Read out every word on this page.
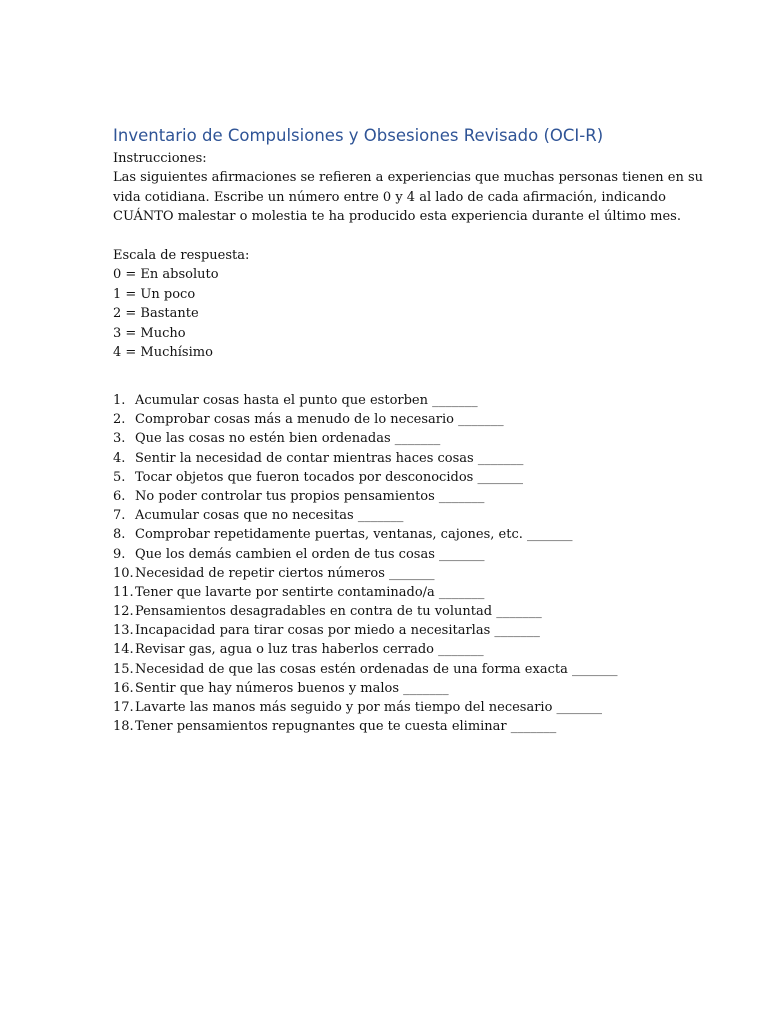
Inventario de Compulsiones y Obsesiones Revisado (OCI-R)
Instrucciones:
Las siguientes afirmaciones se refieren a experiencias que muchas personas tienen en su
vida cotidiana. Escribe un número entre 0 y 4 al lado de cada afirmación, indicando
CUÁNTO malestar o molestia te ha producido esta experiencia durante el último mes.
Escala de respuesta:
0 = En absoluto
1 = Un poco
2 = Bastante
3 = Mucho
4 = Muchísimo
1. Acumular cosas hasta el punto que estorben _______
2. Comprobar cosas más a menudo de lo necesario _______
3. Que las cosas no estén bien ordenadas _______
4. Sentir la necesidad de contar mientras haces cosas _______
5. Tocar objetos que fueron tocados por desconocidos _______
6. No poder controlar tus propios pensamientos _______
7. Acumular cosas que no necesitas _______
8. Comprobar repetidamente puertas, ventanas, cajones, etc. _______
9. Que los demás cambien el orden de tus cosas _______
10.Necesidad de repetir ciertos números _______
11.Tener que lavarte por sentirte contaminado/a _______
12.Pensamientos desagradables en contra de tu voluntad _______
13.Incapacidad para tirar cosas por miedo a necesitarlas _______
14.Revisar gas, agua o luz tras haberlos cerrado _______
15.Necesidad de que las cosas estén ordenadas de una forma exacta _______
16.Sentir que hay números buenos y malos _______
17.Lavarte las manos más seguido y por más tiempo del necesario _______
18.Tener pensamientos repugnantes que te cuesta eliminar _______
